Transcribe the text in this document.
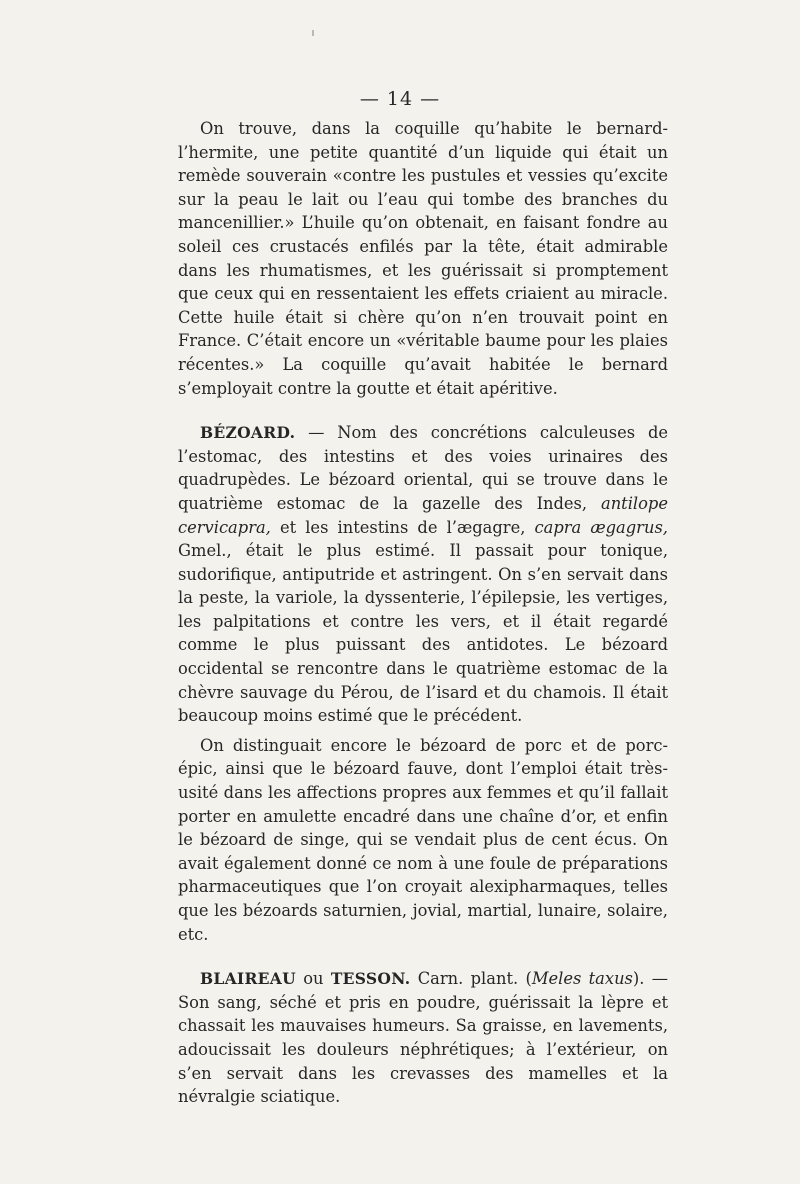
— 14 —

On trouve, dans la coquille qu’habite le bernard-l’hermite, une petite quantité d’un liquide qui était un remède souverain «contre les pustules et vessies qu’excite sur la peau le lait ou l’eau qui tombe des branches du mancenillier.» L’huile qu’on obtenait, en faisant fondre au soleil ces crustacés enfilés par la tête, était admirable dans les rhumatismes, et les guérissait si promptement que ceux qui en ressentaient les effets criaient au miracle. Cette huile était si chère qu’on n’en trouvait point en France. C’était encore un «véritable baume pour les plaies récentes.» La coquille qu’avait habitée le bernard s’employait contre la goutte et était apéritive.

BÉZOARD. — Nom des concrétions calculeuses de l’estomac, des intestins et des voies urinaires des quadrupèdes. Le bézoard oriental, qui se trouve dans le quatrième estomac de la gazelle des Indes, antilope cervicapra, et les intestins de l’ægagre, capra ægagrus, Gmel., était le plus estimé. Il passait pour tonique, sudorifique, antiputride et astringent. On s’en servait dans la peste, la variole, la dyssenterie, l’épilepsie, les vertiges, les palpitations et contre les vers, et il était regardé comme le plus puissant des antidotes. Le bézoard occidental se rencontre dans le quatrième estomac de la chèvre sauvage du Pérou, de l’isard et du chamois. Il était beaucoup moins estimé que le précédent.

On distinguait encore le bézoard de porc et de porc-épic, ainsi que le bézoard fauve, dont l’emploi était très-usité dans les affections propres aux femmes et qu’il fallait porter en amulette encadré dans une chaîne d’or, et enfin le bézoard de singe, qui se vendait plus de cent écus. On avait également donné ce nom à une foule de préparations pharmaceutiques que l’on croyait alexipharmaques, telles que les bézoards saturnien, jovial, martial, lunaire, solaire, etc.

BLAIREAU ou TESSON. Carn. plant. (Meles taxus). — Son sang, séché et pris en poudre, guérissait la lèpre et chassait les mauvaises humeurs. Sa graisse, en lavements, adoucissait les douleurs néphrétiques; à l’extérieur, on s’en servait dans les crevasses des mamelles et la névralgie sciatique.
